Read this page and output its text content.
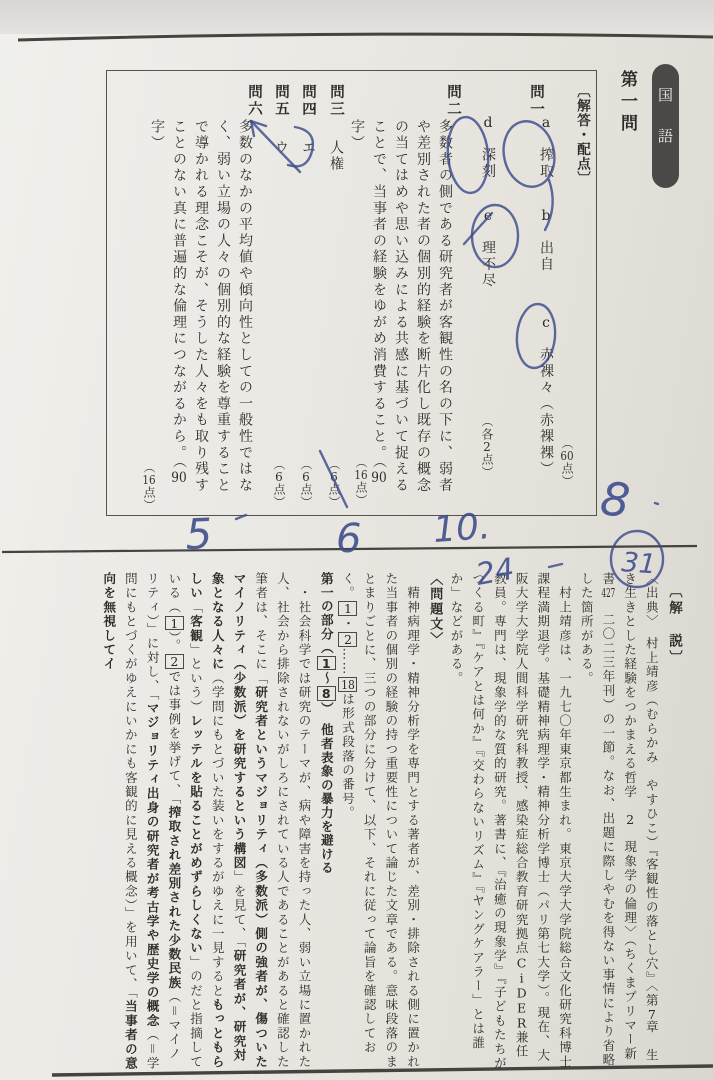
国語
第一問
〔解答・配点〕
（60点）
問一
a　搾取b　出自c　赤裸々（赤裸裸）
d　深刻e　理不尽
（各2点）
問二
多数者の側である研究者が客観性の名の下に、弱者や差別された者の個別的経験を断片化し既存の概念の当てはめや思い込みによる共感に基づいて捉えることで、当事者の経験をゆがめ消費すること。（90字）
（16点）
問三人権
（6点）
問四エ
（6点）
問五ウ
（6点）
問六
多数のなかの平均値や傾向性としての一般性ではなく、弱い立場の人々の個別的な経験を尊重することで導かれる理念こそが、そうした人々をも取り残すことのない真に普遍的な倫理につながるから。（90字）
（16点）

〔解　説〕

〈出典〉　村上靖彦（むらかみ　やすひこ）『客観性の落とし穴』〈第7章　生き生きとした経験をつかまえる哲学　2　現象学の倫理〉（ちくまプリマー新書427　二〇二三年刊）の一節。なお、出題に際しやむを得ない事情により省略した箇所がある。

　村上靖彦は、一九七〇年東京都生まれ。東京大学大学院総合文化研究科博士課程満期退学。基礎精神病理学・精神分析学博士（パリ第七大学）。現在、大阪大学大学院人間科学研究科教授、感染症総合教育研究拠点CiDER兼任教員。専門は、現象学的な質的研究。著書に、『治癒の現象学』『子どもたちがつくる町』『ケアとは何か』『交わらないリズム』『ヤングケアラー」とは誰か」などがある。

〈問題文〉

　精神病理学・精神分析学を専門とする著者が、差別・排除される側に置かれた当事者の個別の経験の持つ重要性について論じた文章である。意味段落のまとまりごとに、三つの部分に分けて、以下、それに従って論旨を確認しておく。1・2……18は形式段落の番号。

第一の部分（1～8）　他者表象の暴力を避ける

　・社会科学では研究のテーマが、病や障害を持った人、弱い立場に置かれた人、社会から排除されないがしろにされている人であることがあると確認した筆者は、そこに「研究者というマジョリティ（多数派）側の強者が、傷ついたマイノリティ（少数派）を研究するという構図」を見て、「研究者が、研究対象となる人々に（学問にもとづいた装いをするがゆえに一見するともっともらしい「客観」という）レッテルを貼ることがめずらしくない」のだと指摘している（1）。2では事例を挙げて、「搾取され差別された少数民族（＝マイノリティ）」に対し、「マジョリティ出身の研究者が考古学や歴史学の概念（＝学問にもとづくがゆえにいかにも客観的に見える概念）」を用いて、「当事者の意向を無視してイ

8
5	6 10.
24	31
